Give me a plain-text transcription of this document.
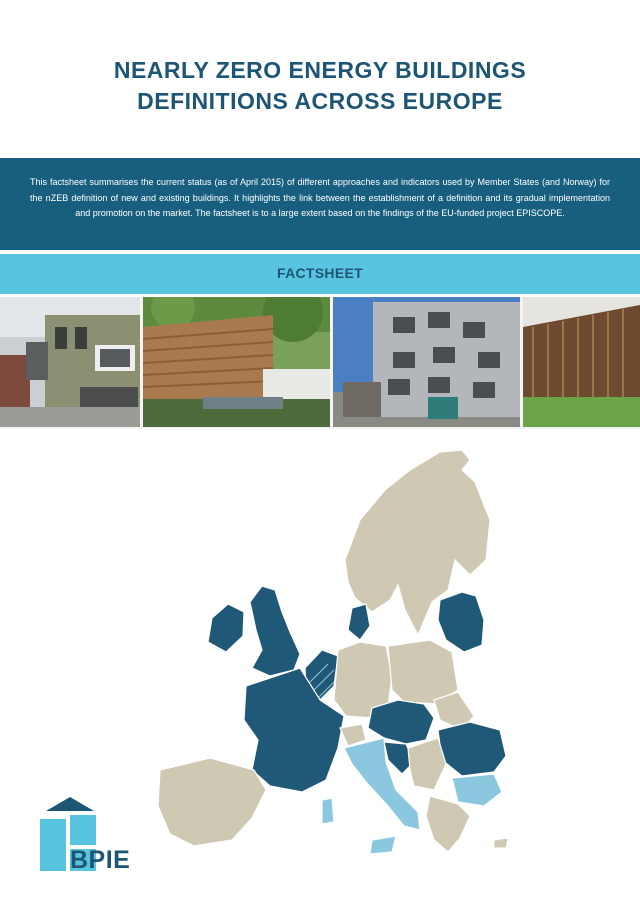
NEARLY ZERO ENERGY BUILDINGS
DEFINITIONS ACROSS EUROPE

This factsheet summarises the current status (as of April 2015) of different approaches and indicators used by Member States (and Norway) for the nZEB definition of new and existing buildings. It highlights the link between the establishment of a definition and its gradual implementation and promotion on the market. The factsheet is to a large extent based on the findings of the EU-funded project EPISCOPE.

FACTSHEET
BPIE
